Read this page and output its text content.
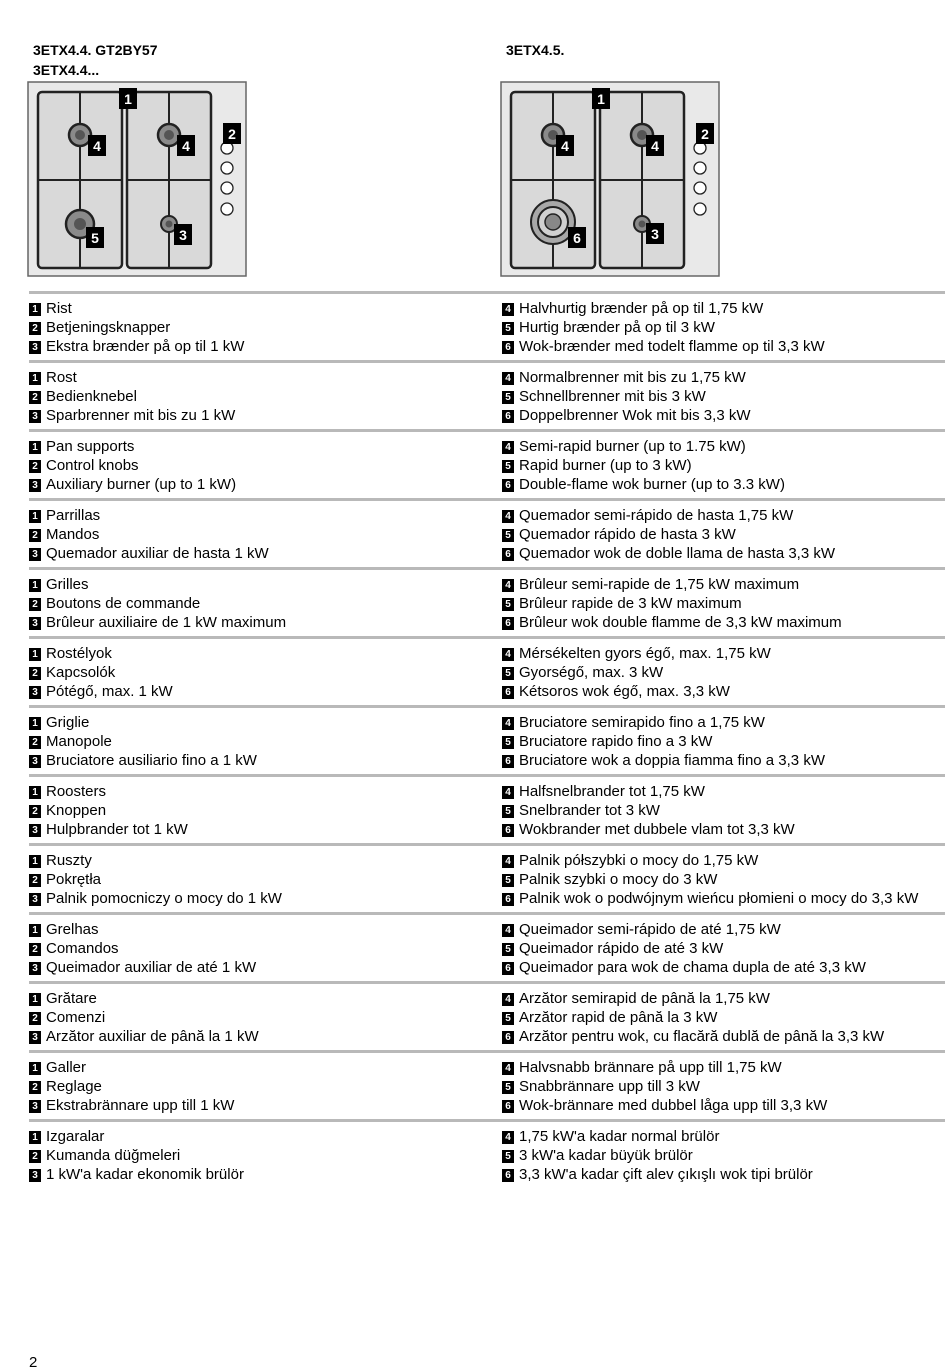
3ETX4.4. GT2BY57
3ETX4.4...
3ETX4.5.
1
2
4	4
5	3
1
2
4	4
6	3
1 Rist
2 Betjeningsknapper
3 Ekstra brænder på op til 1 kW
4 Halvhurtig brænder på op til 1,75 kW
5 Hurtig brænder på op til 3 kW
6 Wok-brænder med todelt flamme op til 3,3 kW
1 Rost
2 Bedienknebel
3 Sparbrenner mit bis zu 1 kW
4 Normalbrenner mit bis zu 1,75 kW
5 Schnellbrenner mit bis 3 kW
6 Doppelbrenner Wok mit bis 3,3 kW
1 Pan supports
2 Control knobs
3 Auxiliary burner (up to 1 kW)
4 Semi-rapid burner (up to 1.75 kW)
5 Rapid burner (up to 3 kW)
6 Double-flame wok burner (up to 3.3 kW)
1 Parrillas
2 Mandos
3 Quemador auxiliar de hasta 1 kW
4 Quemador semi-rápido de hasta 1,75 kW
5 Quemador rápido de hasta 3 kW
6 Quemador wok de doble llama de hasta 3,3 kW
1 Grilles
2 Boutons de commande
3 Brûleur auxiliaire de 1 kW maximum
4 Brûleur semi-rapide de 1,75 kW maximum
5 Brûleur rapide de 3 kW maximum
6 Brûleur wok double flamme de 3,3 kW maximum
1 Rostélyok
2 Kapcsolók
3 Pótégő, max. 1 kW
4 Mérsékelten gyors égő, max. 1,75 kW
5 Gyorségő, max. 3 kW
6 Kétsoros wok égő, max. 3,3 kW
1 Griglie
2 Manopole
3 Bruciatore ausiliario fino a 1 kW
4 Bruciatore semirapido fino a 1,75 kW
5 Bruciatore rapido fino a 3 kW
6 Bruciatore wok a doppia fiamma fino a 3,3 kW
1 Roosters
2 Knoppen
3 Hulpbrander tot 1 kW
4 Halfsnelbrander tot 1,75 kW
5 Snelbrander tot 3 kW
6 Wokbrander met dubbele vlam tot 3,3 kW
1 Ruszty
2 Pokrętła
3 Palnik pomocniczy o mocy do 1 kW
4 Palnik półszybki o mocy do 1,75 kW
5 Palnik szybki o mocy do 3 kW
6 Palnik wok o podwójnym wieńcu płomieni o mocy do 3,3 kW
1 Grelhas
2 Comandos
3 Queimador auxiliar de até 1 kW
4 Queimador semi-rápido de até 1,75 kW
5 Queimador rápido de até 3 kW
6 Queimador para wok de chama dupla de até 3,3 kW
1 Grătare
2 Comenzi
3 Arzător auxiliar de până la 1 kW
4 Arzător semirapid de până la 1,75 kW
5 Arzător rapid de până la 3 kW
6 Arzător pentru wok, cu flacără dublă de până la 3,3 kW
1 Galler
2 Reglage
3 Ekstrabrännare upp till 1 kW
4 Halvsnabb brännare på upp till 1,75 kW
5 Snabbrännare upp till 3 kW
6 Wok-brännare med dubbel låga upp till 3,3 kW
1 Izgaralar
2 Kumanda düğmeleri
3 1 kW'a kadar ekonomik brülör
4 1,75 kW'a kadar normal brülör
5 3 kW'a kadar büyük brülör
6 3,3 kW'a kadar çift alev çıkışlı wok tipi brülör
2
